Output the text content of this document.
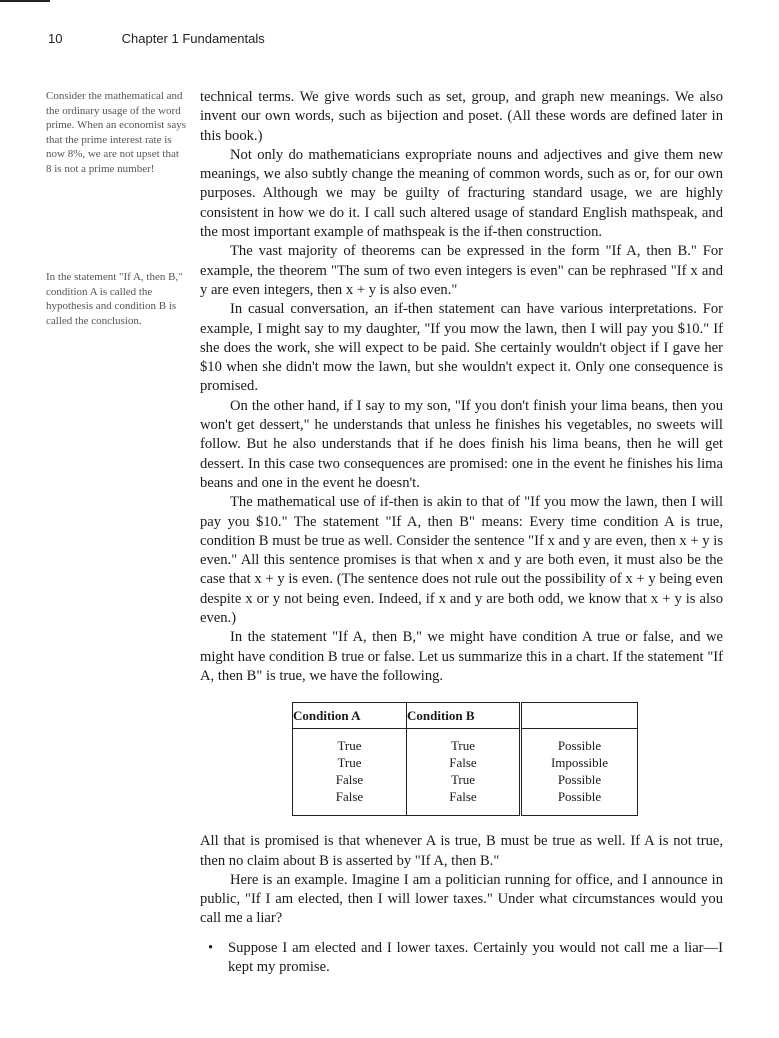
10	Chapter 1 Fundamentals
Consider the mathematical and the ordinary usage of the word prime. When an economist says that the prime interest rate is now 8%, we are not upset that 8 is not a prime number!
In the statement "If A, then B," condition A is called the hypothesis and condition B is called the conclusion.

technical terms. We give words such as set, group, and graph new meanings. We also invent our own words, such as bijection and poset. (All these words are defined later in this book.)

Not only do mathematicians expropriate nouns and adjectives and give them new meanings, we also subtly change the meaning of common words, such as or, for our own purposes. Although we may be guilty of fracturing standard usage, we are highly consistent in how we do it. I call such altered usage of standard English mathspeak, and the most important example of mathspeak is the if-then construction.

The vast majority of theorems can be expressed in the form "If A, then B." For example, the theorem "The sum of two even integers is even" can be rephrased "If x and y are even integers, then x + y is also even."

In casual conversation, an if-then statement can have various interpretations. For example, I might say to my daughter, "If you mow the lawn, then I will pay you $10." If she does the work, she will expect to be paid. She certainly wouldn't object if I gave her $10 when she didn't mow the lawn, but she wouldn't expect it. Only one consequence is promised.

On the other hand, if I say to my son, "If you don't finish your lima beans, then you won't get dessert," he understands that unless he finishes his vegetables, no sweets will follow. But he also understands that if he does finish his lima beans, then he will get dessert. In this case two consequences are promised: one in the event he finishes his lima beans and one in the event he doesn't.

The mathematical use of if-then is akin to that of "If you mow the lawn, then I will pay you $10." The statement "If A, then B" means: Every time condition A is true, condition B must be true as well. Consider the sentence "If x and y are even, then x + y is even." All this sentence promises is that when x and y are both even, it must also be the case that x + y is even. (The sentence does not rule out the possibility of x + y being even despite x or y not being even. Indeed, if x and y are both odd, we know that x + y is also even.)

In the statement "If A, then B," we might have condition A true or false, and we might have condition B true or false. Let us summarize this in a chart. If the statement "If A, then B" is true, we have the following.

Condition A	Condition B	
True	True	Possible
True	False	Impossible
False	True	Possible
False	False	Possible

All that is promised is that whenever A is true, B must be true as well. If A is not true, then no claim about B is asserted by "If A, then B."

Here is an example. Imagine I am a politician running for office, and I announce in public, "If I am elected, then I will lower taxes." Under what circumstances would you call me a liar?

• Suppose I am elected and I lower taxes. Certainly you would not call me a liar—I kept my promise.
